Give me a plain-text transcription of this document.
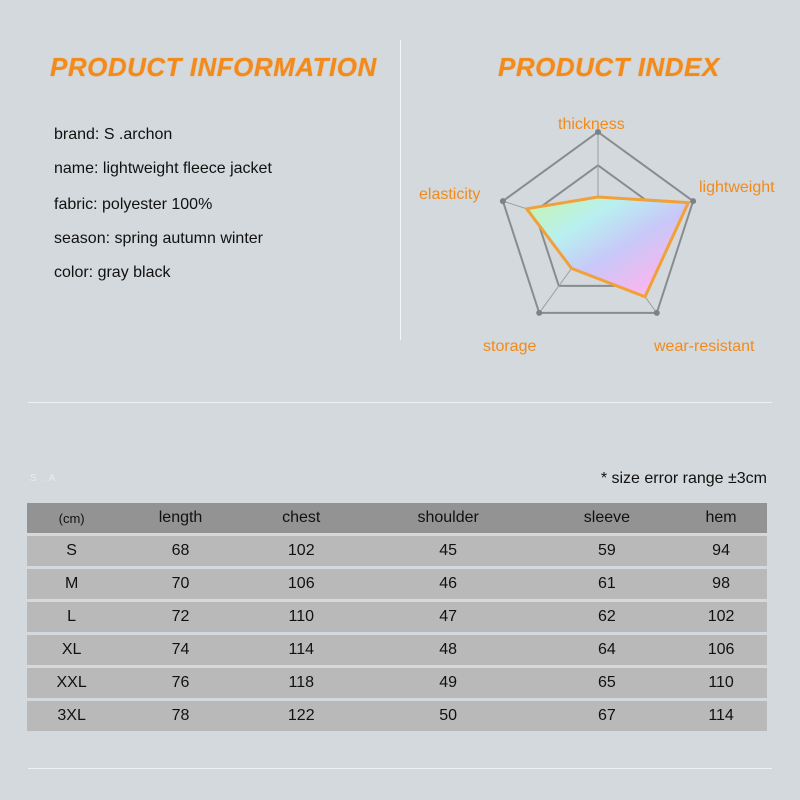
PRODUCT INFORMATION	PRODUCT INDEX
brand: S .archon
name: lightweight fleece jacket
fabric: polyester 100%
season: spring autumn winter
color: gray black
thickness
lightweight
wear-resistant
storage
elasticity
S . A	* size error range ±3cm
(cm)	length	chest	shoulder	sleeve	hem
S	68	102	45	59	94
M	70	106	46	61	98
L	72	110	47	62	102
XL	74	114	48	64	106
XXL	76	118	49	65	110
3XL	78	122	50	67	114
